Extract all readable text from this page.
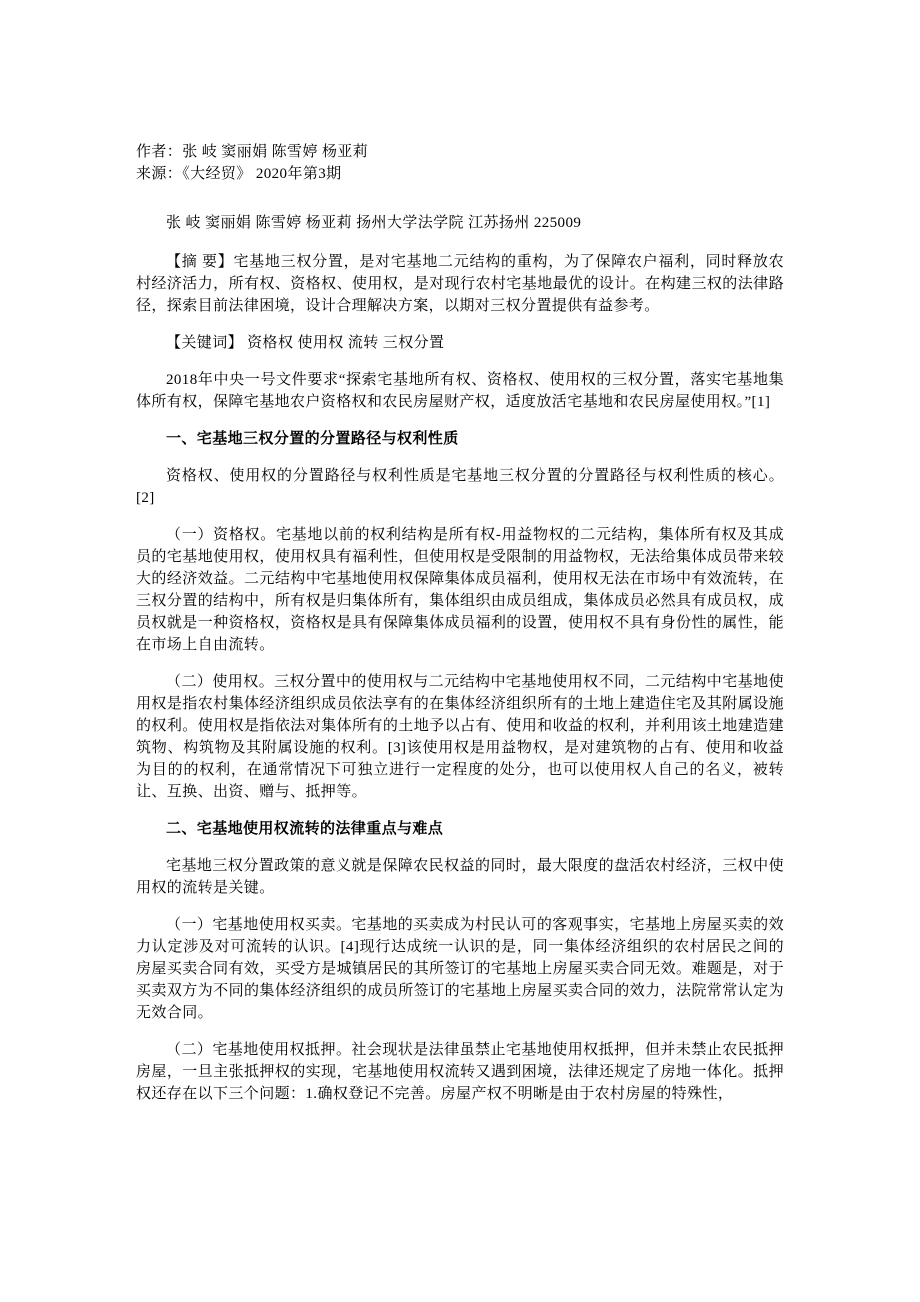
作者：张 岐 窦丽娟 陈雪婷 杨亚莉

来源：《大经贸》 2020年第3期

张 岐 窦丽娟 陈雪婷 杨亚莉 扬州大学法学院 江苏扬州 225009

【摘 要】宅基地三权分置，是对宅基地二元结构的重构，为了保障农户福利，同时释放农村经济活力，所有权、资格权、使用权，是对现行农村宅基地最优的设计。在构建三权的法律路径，探索目前法律困境，设计合理解决方案，以期对三权分置提供有益参考。

【关键词】 资格权 使用权 流转 三权分置

2018年中央一号文件要求“探索宅基地所有权、资格权、使用权的三权分置，落实宅基地集体所有权，保障宅基地农户资格权和农民房屋财产权，适度放活宅基地和农民房屋使用权。”[1]

一、宅基地三权分置的分置路径与权利性质

资格权、使用权的分置路径与权利性质是宅基地三权分置的分置路径与权利性质的核心。[2]

（一）资格权。宅基地以前的权利结构是所有权-用益物权的二元结构，集体所有权及其成员的宅基地使用权，使用权具有福利性，但使用权是受限制的用益物权，无法给集体成员带来较大的经济效益。二元结构中宅基地使用权保障集体成员福利，使用权无法在市场中有效流转，在三权分置的结构中，所有权是归集体所有，集体组织由成员组成，集体成员必然具有成员权，成员权就是一种资格权，资格权是具有保障集体成员福利的设置，使用权不具有身份性的属性，能在市场上自由流转。

（二）使用权。三权分置中的使用权与二元结构中宅基地使用权不同，二元结构中宅基地使用权是指农村集体经济组织成员依法享有的在集体经济组织所有的土地上建造住宅及其附属设施的权利。使用权是指依法对集体所有的土地予以占有、使用和收益的权利，并利用该土地建造建筑物、构筑物及其附属设施的权利。[3]该使用权是用益物权，是对建筑物的占有、使用和收益为目的的权利，在通常情况下可独立进行一定程度的处分，也可以使用权人自己的名义，被转让、互换、出资、赠与、抵押等。

二、宅基地使用权流转的法律重点与难点

宅基地三权分置政策的意义就是保障农民权益的同时，最大限度的盘活农村经济，三权中使用权的流转是关键。

（一）宅基地使用权买卖。宅基地的买卖成为村民认可的客观事实，宅基地上房屋买卖的效力认定涉及对可流转的认识。[4]现行达成统一认识的是，同一集体经济组织的农村居民之间的房屋买卖合同有效，买受方是城镇居民的其所签订的宅基地上房屋买卖合同无效。难题是，对于买卖双方为不同的集体经济组织的成员所签订的宅基地上房屋买卖合同的效力，法院常常认定为无效合同。

（二）宅基地使用权抵押。社会现状是法律虽禁止宅基地使用权抵押，但并未禁止农民抵押房屋，一旦主张抵押权的实现，宅基地使用权流转又遇到困境，法律还规定了房地一体化。抵押权还存在以下三个问题：1.确权登记不完善。房屋产权不明晰是由于农村房屋的特殊性，
